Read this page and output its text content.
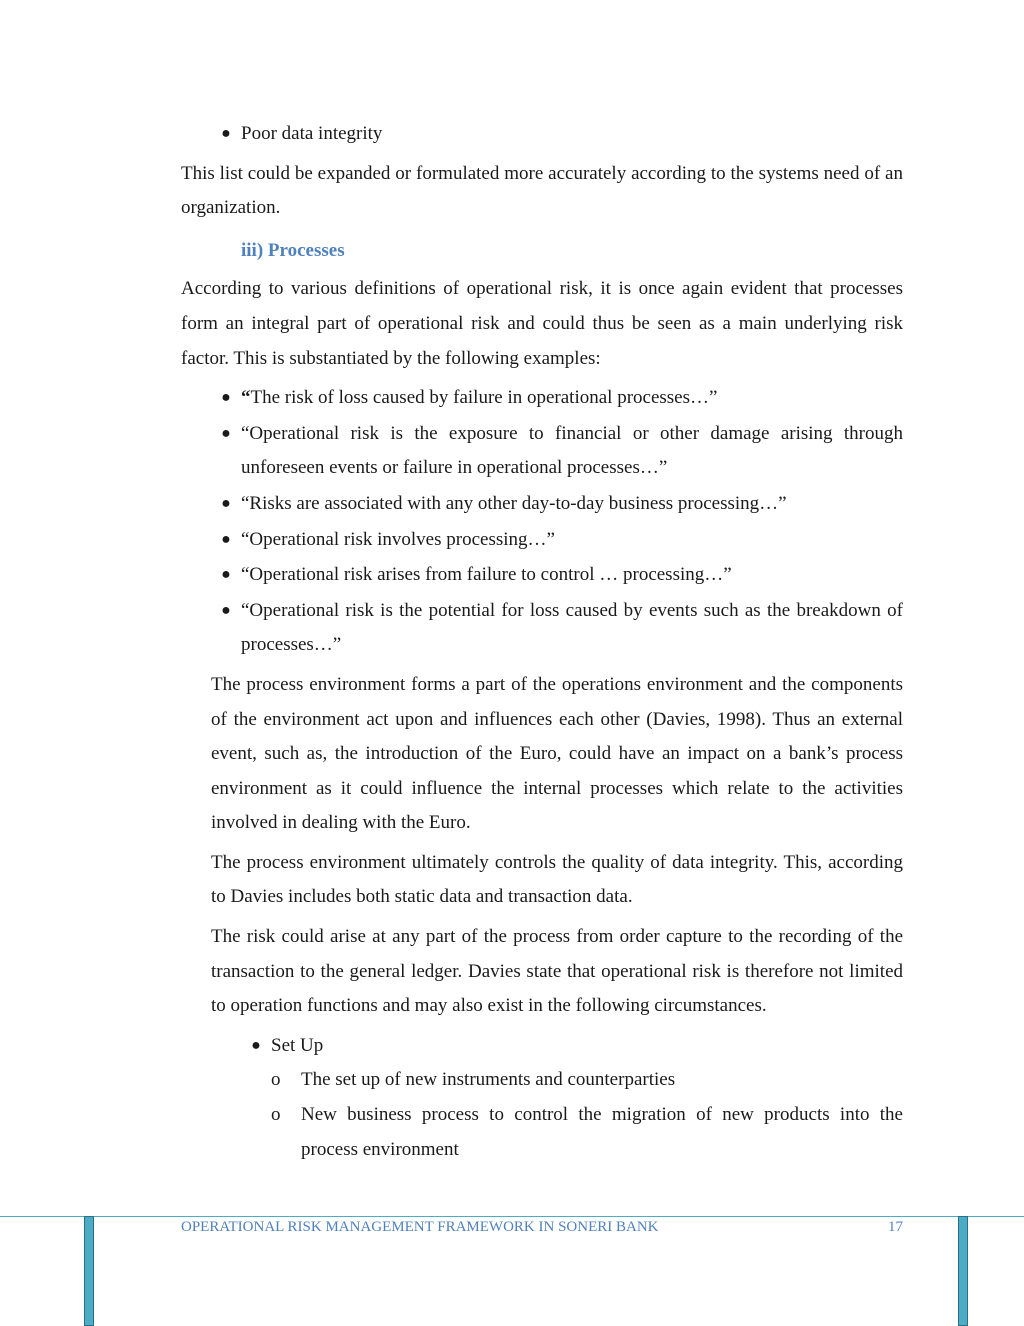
● Poor data integrity

This list could be expanded or formulated more accurately according to the systems need of an organization.

iii) Processes

According to various definitions of operational risk, it is once again evident that processes form an integral part of operational risk and could thus be seen as a main underlying risk factor. This is substantiated by the following examples:

● “The risk of loss caused by failure in operational processes…”
● “Operational risk is the exposure to financial or other damage arising through unforeseen events or failure in operational processes…”
● “Risks are associated with any other day-to-day business processing…”
● “Operational risk involves processing…”
● “Operational risk arises from failure to control … processing…”
● “Operational risk is the potential for loss caused by events such as the breakdown of processes…”

The process environment forms a part of the operations environment and the components of the environment act upon and influences each other (Davies, 1998). Thus an external event, such as, the introduction of the Euro, could have an impact on a bank’s process environment as it could influence the internal processes which relate to the activities involved in dealing with the Euro.

The process environment ultimately controls the quality of data integrity. This, according to Davies includes both static data and transaction data.

The risk could arise at any part of the process from order capture to the recording of the transaction to the general ledger. Davies state that operational risk is therefore not limited to operation functions and may also exist in the following circumstances.

● Set Up
o	The set up of new instruments and counterparties
o	New business process to control the migration of new products into the process environment
OPERATIONAL RISK MANAGEMENT FRAMEWORK IN SONERI BANK	17
